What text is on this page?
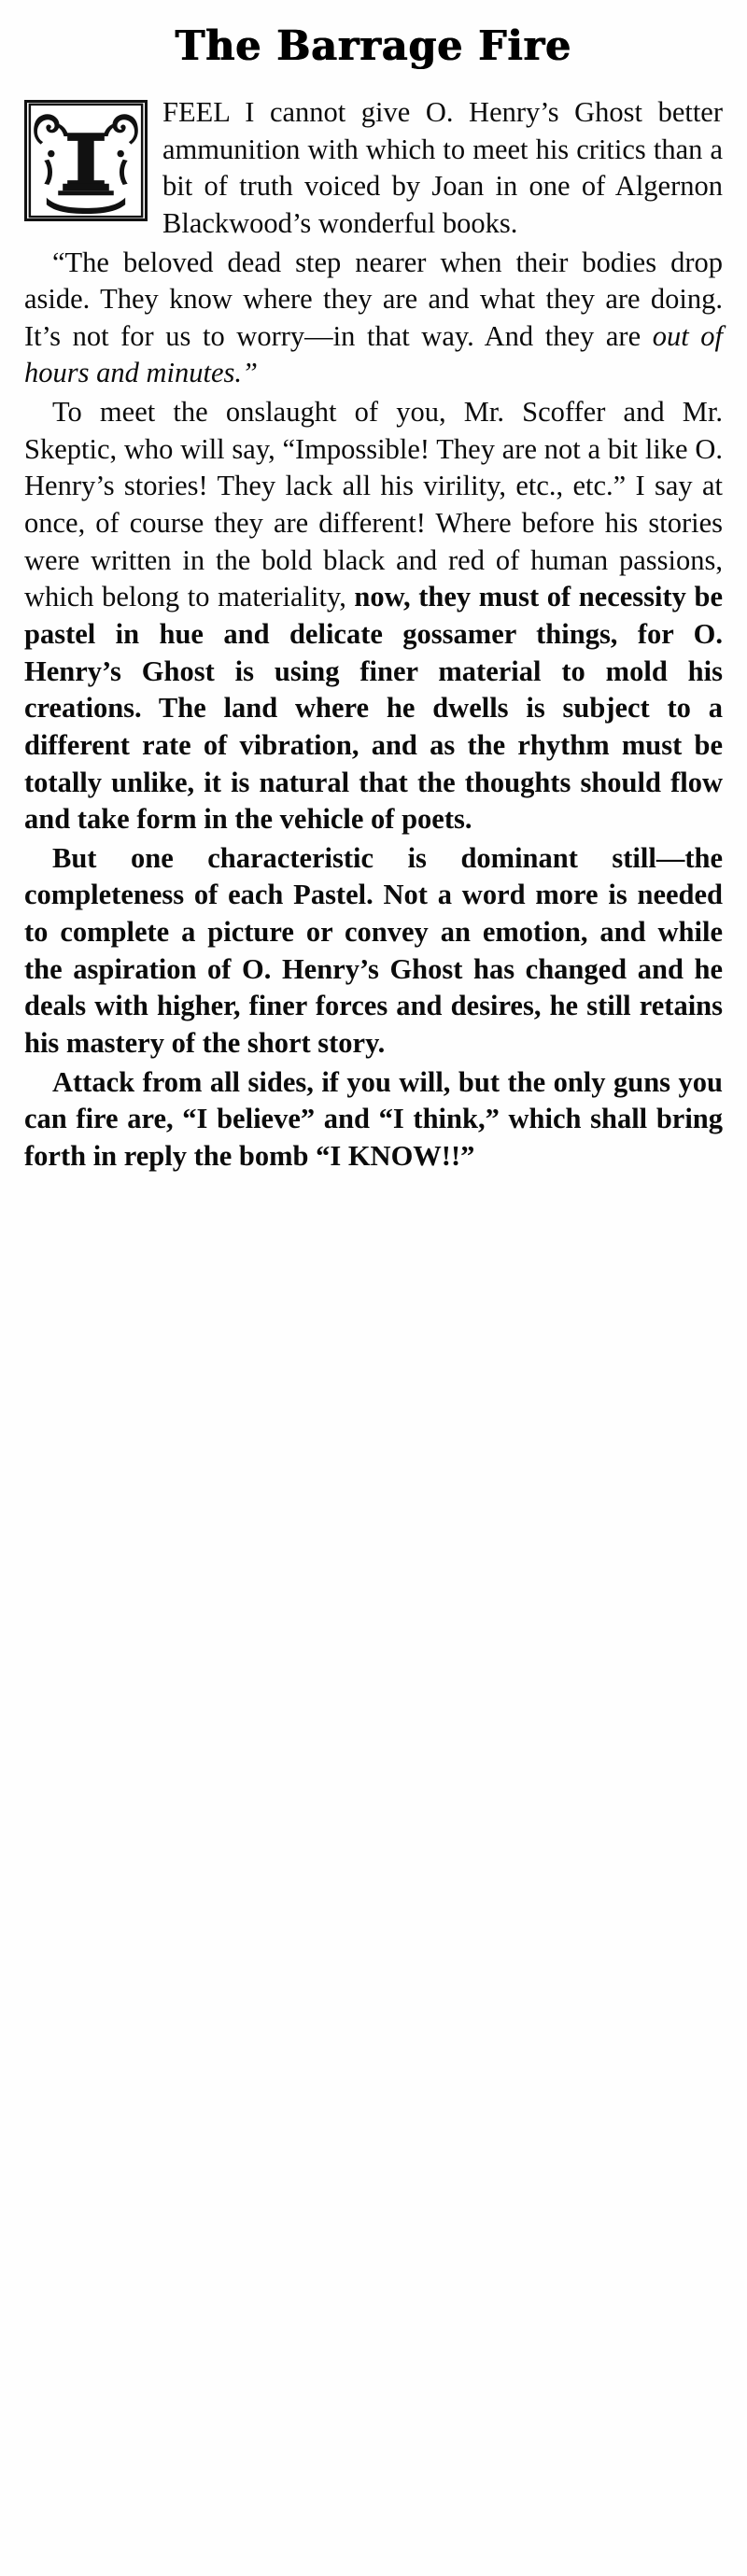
The Barrage Fire

FEEL I cannot give O. Henry’s Ghost better ammunition with which to meet his critics than a bit of truth voiced by Joan in one of Algernon Blackwood’s wonderful books.

“The beloved dead step nearer when their bodies drop aside. They know where they are and what they are doing. It’s not for us to worry—in that way. And they are out of hours and minutes.”

To meet the onslaught of you, Mr. Scoffer and Mr. Skeptic, who will say, “Impossible! They are not a bit like O. Henry’s stories! They lack all his virility, etc., etc.” I say at once, of course they are different! Where before his stories were written in the bold black and red of human passions, which belong to materiality, now, they must of necessity be pastel in hue and delicate gossamer things, for O. Henry’s Ghost is using finer material to mold his creations. The land where he dwells is subject to a different rate of vibration, and as the rhythm must be totally unlike, it is natural that the thoughts should flow and take form in the vehicle of poets.

But one characteristic is dominant still—the completeness of each Pastel. Not a word more is needed to complete a picture or convey an emotion, and while the aspiration of O. Henry’s Ghost has changed and he deals with higher, finer forces and desires, he still retains his mastery of the short story.

Attack from all sides, if you will, but the only guns you can fire are, “I believe” and “I think,” which shall bring forth in reply the bomb “I KNOW!!”
